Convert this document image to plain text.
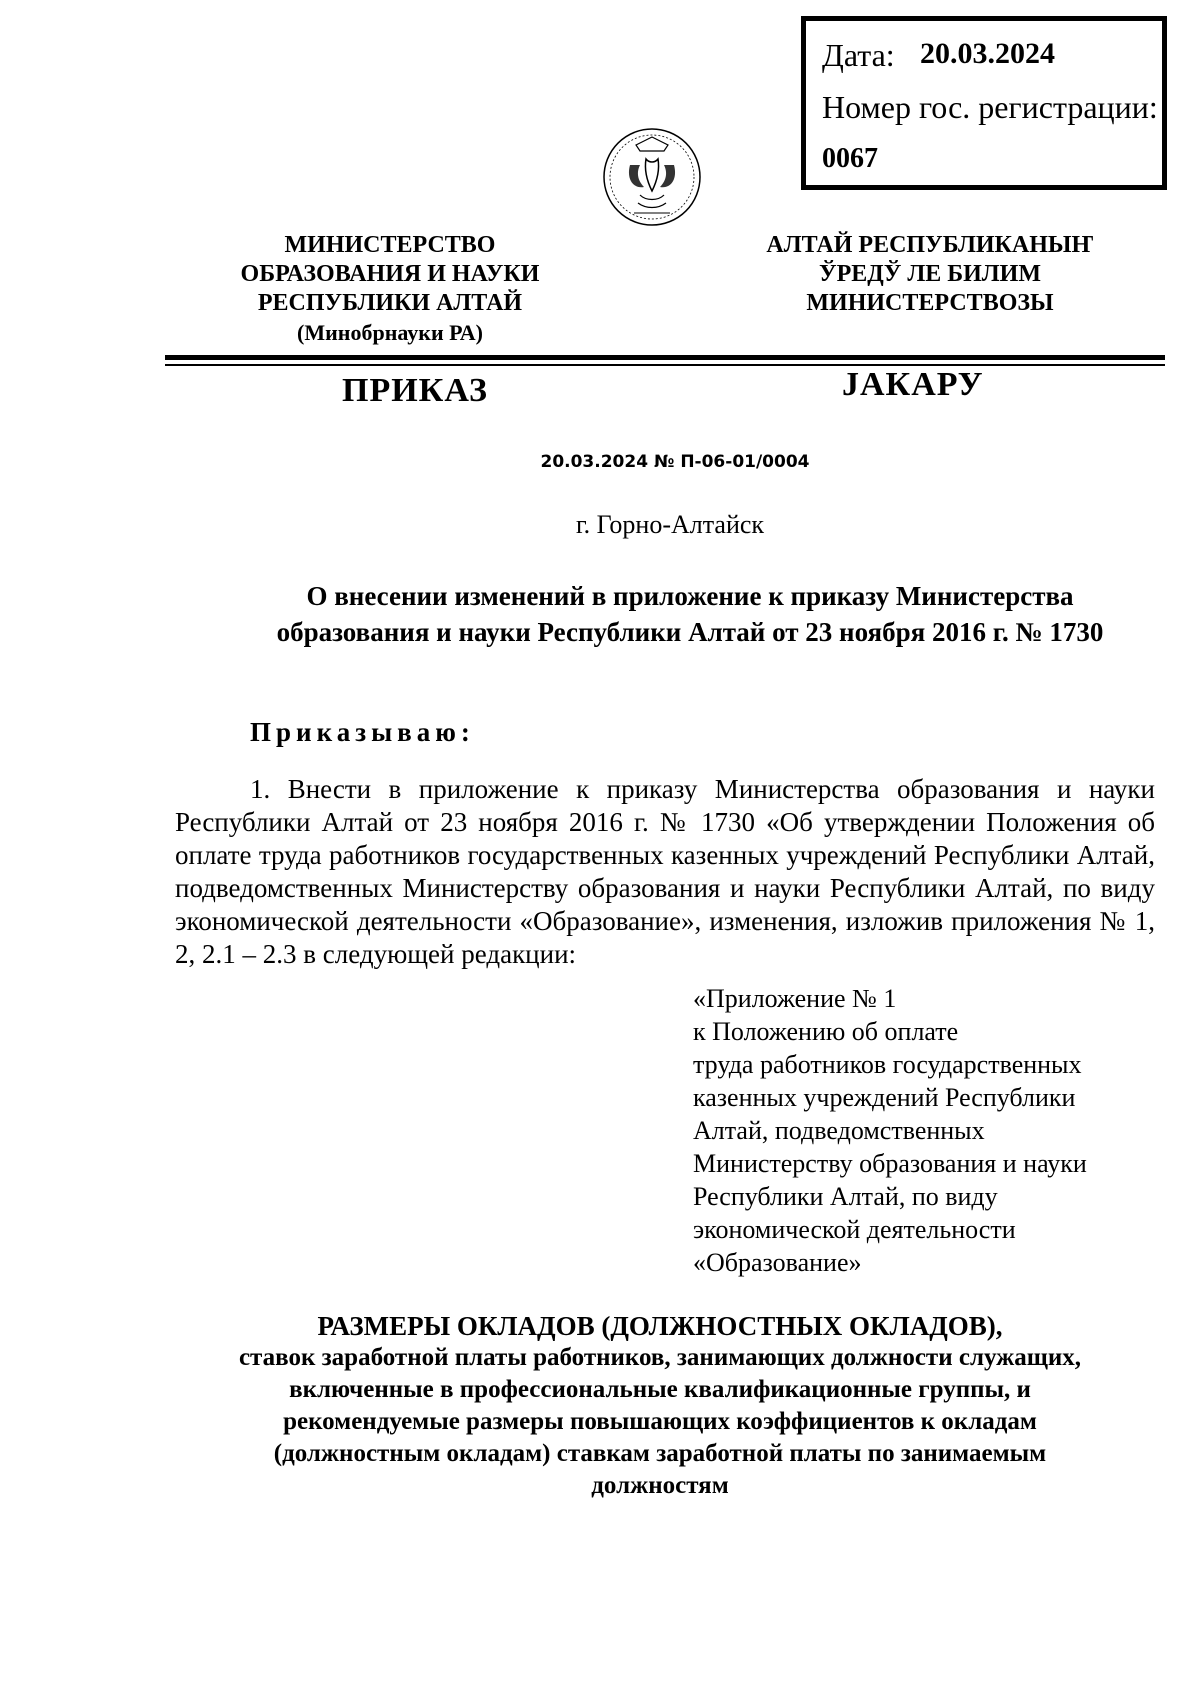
Дата: 20.03.2024
Номер гос. регистрации:
0067
МИНИСТЕРСТВО
ОБРАЗОВАНИЯ И НАУКИ
РЕСПУБЛИКИ АЛТАЙ
(Минобрнауки РА)
АЛТАЙ РЕСПУБЛИКАНЫҤ
ЎРЕДЎ ЛЕ БИЛИМ
МИНИСТЕРСТВОЗЫ
ПРИКАЗ	JАКАРУ
20.03.2024 № П-06-01/0004
г. Горно-Алтайск
О внесении изменений в приложение к приказу Министерства
образования и науки Республики Алтай от 23 ноября 2016 г. № 1730
Приказываю:
1. Внести в приложение к приказу Министерства образования и науки Республики Алтай от 23 ноября 2016 г. № 1730 «Об утверждении Положения об оплате труда работников государственных казенных учреждений Республики Алтай, подведомственных Министерству образования и науки Республики Алтай, по виду экономической деятельности «Образование», изменения, изложив приложения № 1, 2, 2.1 – 2.3 в следующей редакции:
«Приложение № 1
к Положению об оплате
труда работников государственных
казенных учреждений Республики
Алтай, подведомственных
Министерству образования и науки
Республики Алтай, по виду
экономической деятельности
«Образование»
РАЗМЕРЫ ОКЛАДОВ (ДОЛЖНОСТНЫХ ОКЛАДОВ),
ставок заработной платы работников, занимающих должности служащих,
включенные в профессиональные квалификационные группы, и
рекомендуемые размеры повышающих коэффициентов к окладам
(должностным окладам) ставкам заработной платы по занимаемым
должностям
